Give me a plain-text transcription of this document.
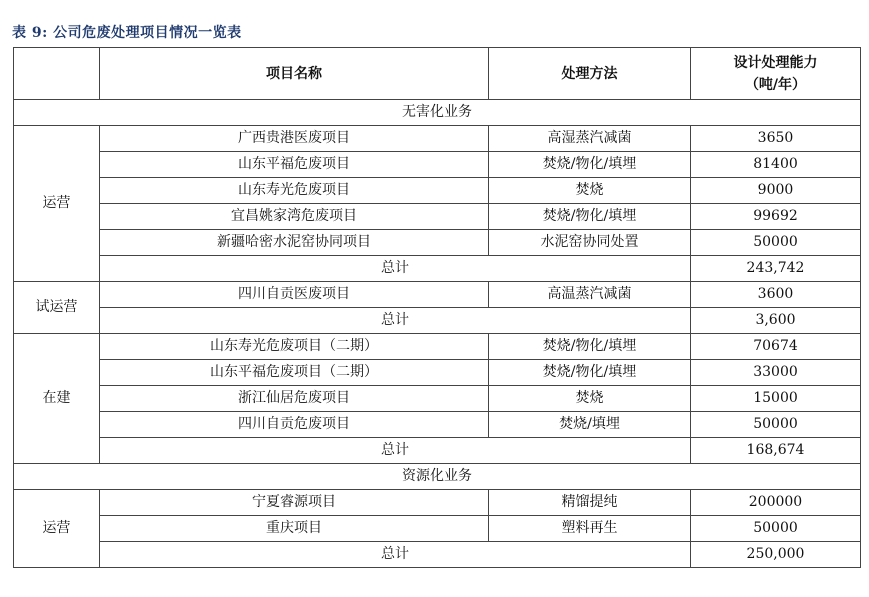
表 9: 公司危废处理项目情况一览表
	项目名称	处理方法	设计处理能力
（吨/年）

无害化业务			
运营	广西贵港医废项目	高湿蒸汽减菌	3650
	山东平福危废项目	焚烧/物化/填埋	81400
	山东寿光危废项目	焚烧	9000
	宜昌姚家湾危废项目	焚烧/物化/填埋	99692
	新疆哈密水泥窑协同项目	水泥窑协同处置	50000
	总计		243,742
试运营	四川自贡医废项目	高温蒸汽减菌	3600
	总计		3,600
在建	山东寿光危废项目（二期）	焚烧/物化/填埋	70674
	山东平福危废项目（二期）	焚烧/物化/填埋	33000
	浙江仙居危废项目	焚烧	15000
	四川自贡危废项目	焚烧/填埋	50000
	总计		168,674
资源化业务			
运营	宁夏睿源项目	精馏提纯	200000
	重庆项目	塑料再生	50000
	总计		250,000
